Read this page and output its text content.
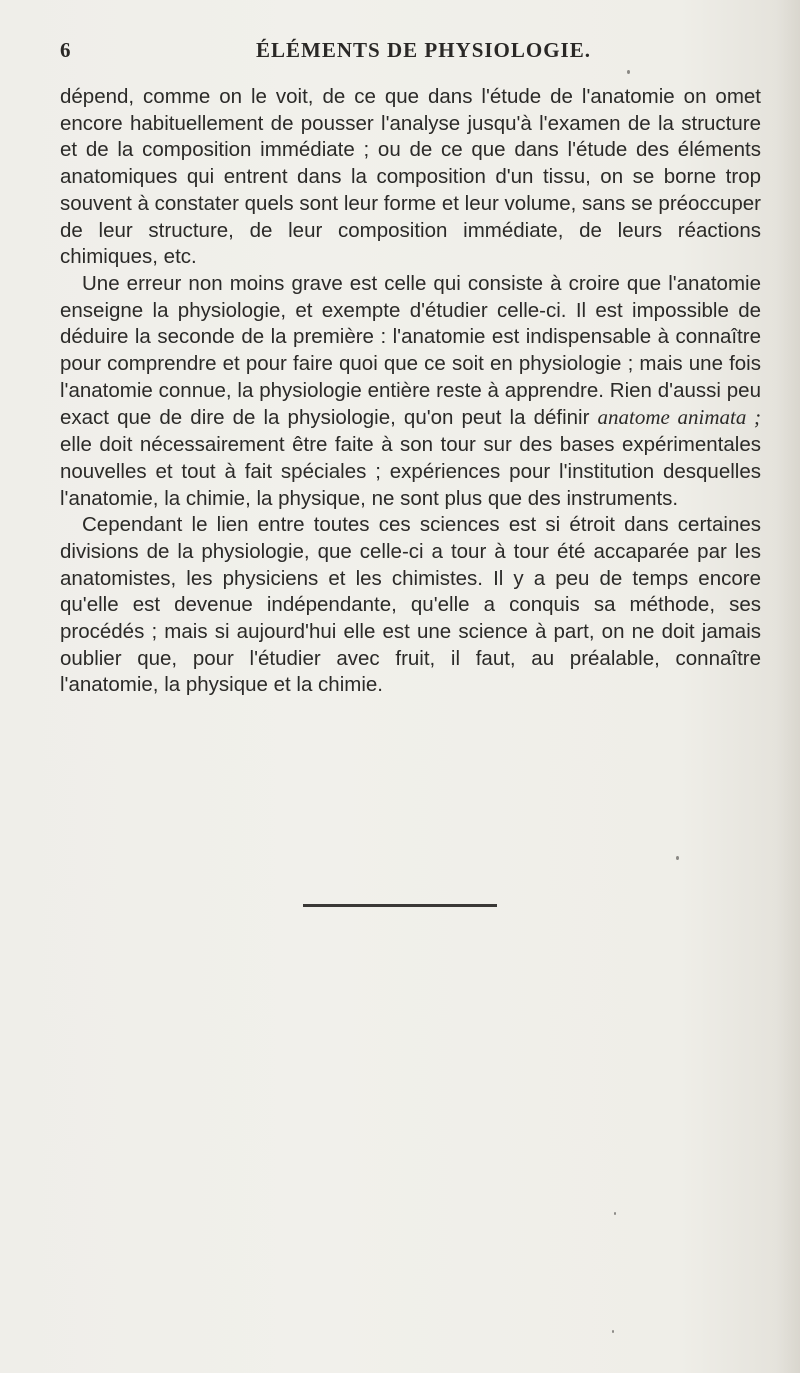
6	ÉLÉMENTS DE PHYSIOLOGIE.

dépend, comme on le voit, de ce que dans l'étude de l'anatomie on omet encore habituellement de pousser l'analyse jusqu'à l'examen de la structure et de la composition immédiate ; ou de ce que dans l'étude des éléments anatomiques qui entrent dans la composition d'un tissu, on se borne trop souvent à constater quels sont leur forme et leur volume, sans se préoccuper de leur structure, de leur composition immédiate, de leurs réactions chimiques, etc.

Une erreur non moins grave est celle qui consiste à croire que l'anatomie enseigne la physiologie, et exempte d'étudier celle-ci. Il est impossible de déduire la seconde de la première : l'anatomie est indispensable à connaître pour comprendre et pour faire quoi que ce soit en physiologie ; mais une fois l'anatomie connue, la physiologie entière reste à apprendre. Rien d'aussi peu exact que de dire de la physiologie, qu'on peut la définir anatome animata ; elle doit nécessairement être faite à son tour sur des bases expérimentales nouvelles et tout à fait spéciales ; expériences pour l'institution desquelles l'anatomie, la chimie, la physique, ne sont plus que des instruments.

Cependant le lien entre toutes ces sciences est si étroit dans certaines divisions de la physiologie, que celle-ci a tour à tour été accaparée par les anatomistes, les physiciens et les chimistes. Il y a peu de temps encore qu'elle est devenue indépendante, qu'elle a conquis sa méthode, ses procédés ; mais si aujourd'hui elle est une science à part, on ne doit jamais oublier que, pour l'étudier avec fruit, il faut, au préalable, connaître l'anatomie, la physique et la chimie.
